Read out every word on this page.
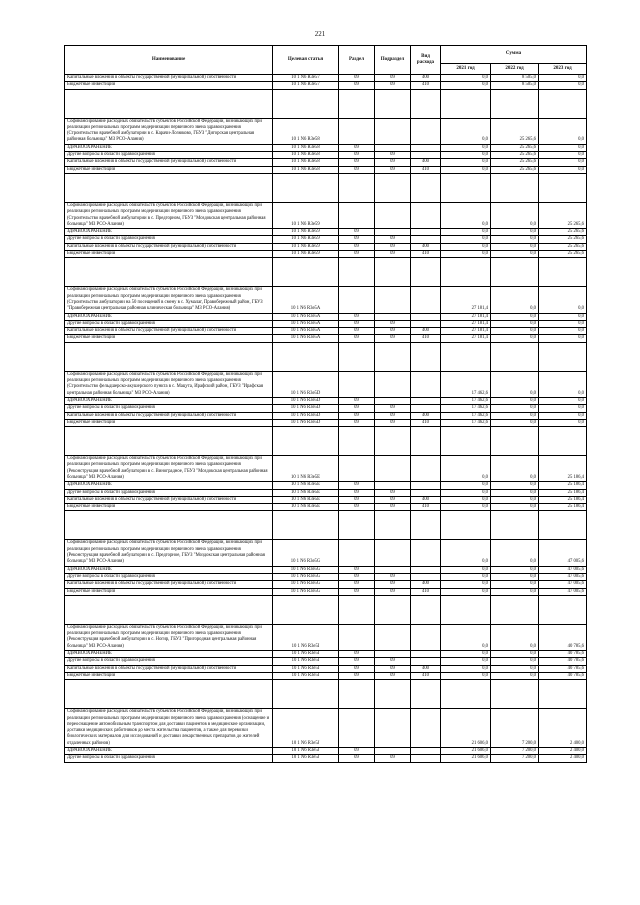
221
Наименование	Целевая статья	Раздел	Подраздел	Вид расхода	Сумма		
					2021 год	2022 год	2023 год
Капитальные вложения в объекты государственной (муниципальной) собственности	10 1 N6 R3e57	09	09	400	0,0	8 505,0	0,0
Бюджетные инвестиции	10 1 N6 R3e57	09	09	410	0,0	8 505,0	0,0

Софинансирование расходных обязательств субъектов Российской Федерации, возникающих при реализации региональных программ модернизации первичного звена здравоохранения (Строительство врачебной амбулатории в с. Карачи-Лозюково, ГБУЗ "Дигорская центральная районная больница" МЗ РСО-Алания)	10 1 N6 R3e58				0,0	25 265,6	0,0
ЗДРАВООХРАНЕНИЕ	10 1 N6 R3e58	09			0,0	25 265,6	0,0
Другие вопросы в области здравоохранения	10 1 N6 R3e58	09	09		0,0	25 265,6	0,0
Капитальные вложения в объекты государственной (муниципальной) собственности	10 1 N6 R3e58	09	09	400	0,0	25 265,6	0,0
Бюджетные инвестиции	10 1 N6 R3e58	09	09	410	0,0	25 265,6	0,0

Софинансирование расходных обязательств субъектов Российской Федерации, возникающих при реализации региональных программ модернизации первичного звена здравоохранения (Строительство врачебной амбулатории в с. Предгорном, ГБУЗ "Моздокская центральная районная больница" МЗ РСО-Алания)	10 1 N6 R3e59				0,0	0,0	25 265,6
ЗДРАВООХРАНЕНИЕ	10 1 N6 R3e59	09			0,0	0,0	25 265,6
Другие вопросы в области здравоохранения	10 1 N6 R3e59	09	09		0,0	0,0	25 265,6
Капитальные вложения в объекты государственной (муниципальной) собственности	10 1 N6 R3e59	09	09	400	0,0	0,0	25 265,6
Бюджетные инвестиции	10 1 N6 R3e59	09	09	410	0,0	0,0	25 265,6

Софинансирование расходных обязательств субъектов Российской Федерации, возникающих при реализации региональных программ модернизации первичного звена здравоохранения (Строительство амбулатории на 50 посещений в смену в с. Хумалаг, Правобережный район, ГБУЗ "Правобережная центральная районная клиническая больница" МЗ РСО-Алания)	10 1 N6 R3e5A				27 181,4	0,0	0,0
ЗДРАВООХРАНЕНИЕ	10 1 N6 R3e5A	09			27 181,4	0,0	0,0
Другие вопросы в области здравоохранения	10 1 N6 R3e5A	09	09		27 181,4	0,0	0,0
Капитальные вложения в объекты государственной (муниципальной) собственности	10 1 N6 R3e5A	09	09	400	27 181,4	0,0	0,0
Бюджетные инвестиции	10 1 N6 R3e5A	09	09	410	27 181,4	0,0	0,0

Софинансирование расходных обязательств субъектов Российской Федерации, возникающих при реализации региональных программ модернизации первичного звена здравоохранения (Строительство фельдшерско-акушерского пункта в с. Мацута, Ирафский район, ГБУЗ "Ирафская центральная районная больница" МЗ РСО-Алания)	10 1 N6 R3e5D				17 462,6	0,0	0,0
ЗДРАВООХРАНЕНИЕ	10 1 N6 R3e5D	09			17 462,6	0,0	0,0
Другие вопросы в области здравоохранения	10 1 N6 R3e5D	09	09		17 462,6	0,0	0,0
Капитальные вложения в объекты государственной (муниципальной) собственности	10 1 N6 R3e5D	09	09	400	17 462,6	0,0	0,0
Бюджетные инвестиции	10 1 N6 R3e5D	09	09	410	17 462,6	0,0	0,0

Софинансирование расходных обязательств субъектов Российской Федерации, возникающих при реализации региональных программ модернизации первичного звена здравоохранения (Реконструкция врачебной амбулатории в с. Виноградное, ГБУЗ "Моздокская центральная районная больница" МЗ РСО-Алания)	10 1 N6 R3e5E				0,0	0,0	25 186,4
ЗДРАВООХРАНЕНИЕ	10 1 N6 R3e5E	09			0,0	0,0	25 186,4
Другие вопросы в области здравоохранения	10 1 N6 R3e5E	09	09		0,0	0,0	25 186,4
Капитальные вложения в объекты государственной (муниципальной) собственности	10 1 N6 R3e5E	09	09	400	0,0	0,0	25 186,4
Бюджетные инвестиции	10 1 N6 R3e5E	09	09	410	0,0	0,0	25 186,4

Софинансирование расходных обязательств субъектов Российской Федерации, возникающих при реализации региональных программ модернизации первичного звена здравоохранения (Реконструкция врачебной амбулатории в с. Предгорное, ГБУЗ "Моздокская центральная районная больница" МЗ РСО-Алания)	10 1 N6 R3e5G				0,0	0,0	47 005,6
ЗДРАВООХРАНЕНИЕ	10 1 N6 R3e5G	09			0,0	0,0	47 005,6
Другие вопросы в области здравоохранения	10 1 N6 R3e5G	09	09		0,0	0,0	47 005,6
Капитальные вложения в объекты государственной (муниципальной) собственности	10 1 N6 R3e5G	09	09	400	0,0	0,0	47 005,6
Бюджетные инвестиции	10 1 N6 R3e5G	09	09	410	0,0	0,0	47 005,6

Софинансирование расходных обязательств субъектов Российской Федерации, возникающих при реализации региональных программ модернизации первичного звена здравоохранения (Реконструкция врачебной амбулатории в с. Ногир, ГБУЗ "Пригородная центральная районная больница" МЗ РСО-Алания)	10 1 N6 R3e5I				0,0	0,0	40 785,6
ЗДРАВООХРАНЕНИЕ	10 1 N6 R3e5I	09			0,0	0,0	40 785,6
Другие вопросы в области здравоохранения	10 1 N6 R3e5I	09	09		0,0	0,0	40 785,6
Капитальные вложения в объекты государственной (муниципальной) собственности	10 1 N6 R3e5I	09	09	400	0,0	0,0	40 785,6
Бюджетные инвестиции	10 1 N6 R3e5I	09	09	410	0,0	0,0	40 785,6

Софинансирование расходных обязательств субъектов Российской Федерации, возникающих при реализации региональных программ модернизации первичного звена здравоохранения (оснащение и переоснащение автомобильным транспортом для доставки пациентов в медицинские организации, доставки медицинских работников до места жительства пациентов, а также для перевозки биологических материалов для исследований и доставки лекарственных препаратов до жителей отдаленных районов)	10 1 N6 R3e5J				21 606,0	7 200,0	2 400,0
ЗДРАВООХРАНЕНИЕ	10 1 N6 R3e5J	09			21 606,0	7 200,0	2 400,0
Другие вопросы в области здравоохранения	10 1 N6 R3e5J	09	09		21 606,0	7 200,0	2 400,0
